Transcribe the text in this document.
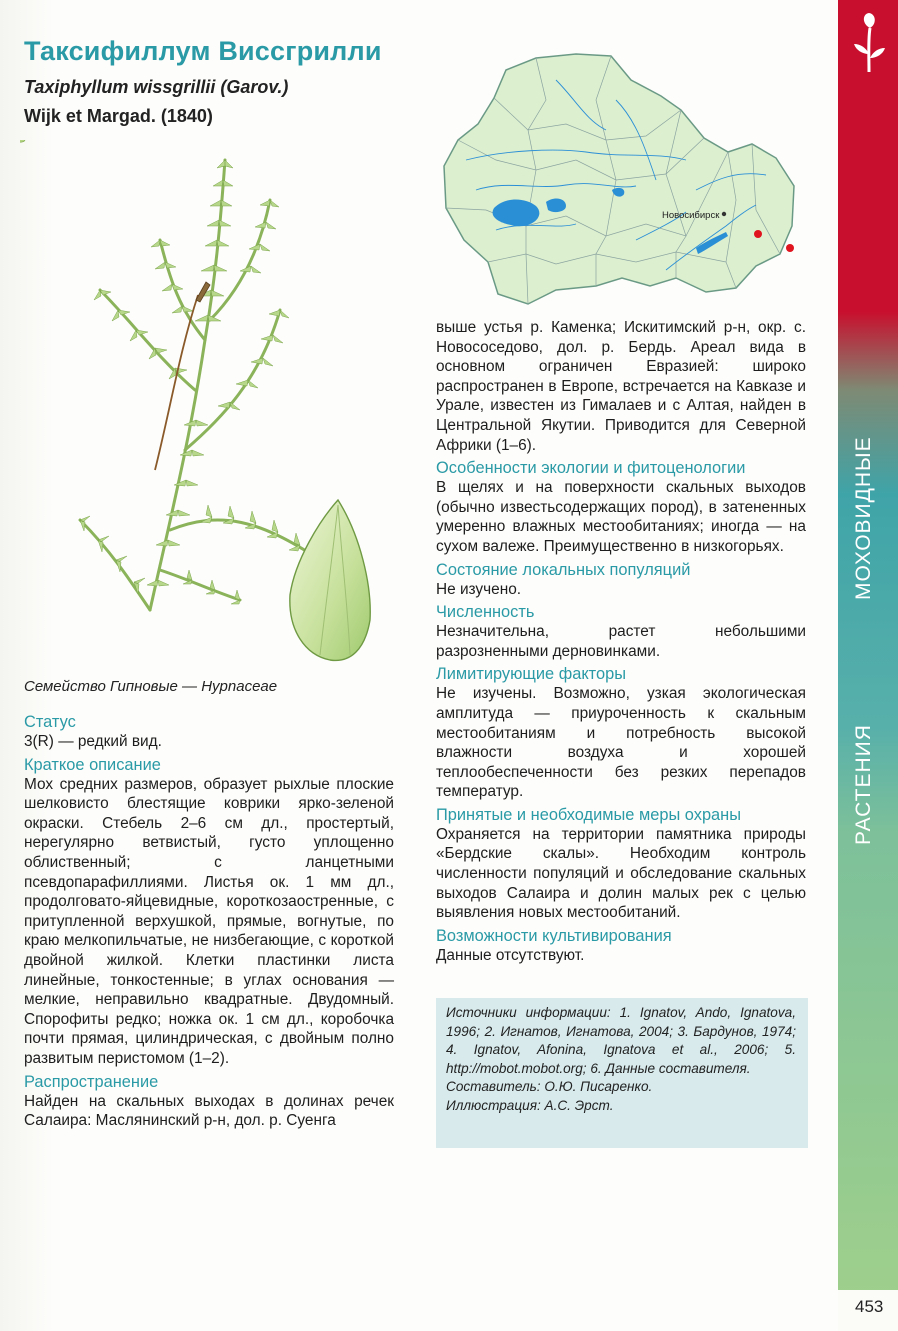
Таксифиллум Виссгрилли
Taxiphyllum wissgrillii (Garov.)
Wijk et Margad. (1840)

Семейство Гипновые — Hypnaceae

Статус

3(R) — редкий вид.

Краткое описание

Мох средних размеров, образует рыхлые плоские шелковисто блестящие коврики ярко-зеленой окраски. Стебель 2–6 см дл., простертый, нерегулярно ветвистый, густо уплощенно облиственный; с ланцетными псевдопарафиллиями. Листья ок. 1 мм дл., продолговато-яйцевидные, короткозаостренные, с притупленной верхушкой, прямые, вогнутые, по краю мелкопильчатые, не низбегающие, с короткой двойной жилкой. Клетки пластинки листа линейные, тонкостенные; в углах основания — мелкие, неправильно квадратные. Двудомный. Спорофиты редко; ножка ок. 1 см дл., коробочка почти прямая, цилиндрическая, с двойным полно развитым перистомом (1–2).

Распространение

Найден на скальных выходах в долинах речек Салаира: Маслянинский р-н, дол. р. Суенга

Новосибирск

выше устья р. Каменка; Искитимский р-н, окр. с. Новососедово, дол. р. Бердь. Ареал вида в основном ограничен Евразией: широко распространен в Европе, встречается на Кавказе и Урале, известен из Гималаев и с Алтая, найден в Центральной Якутии. Приводится для Северной Африки (1–6).

Особенности экологии и фитоценологии

В щелях и на поверхности скальных выходов (обычно известьсодержащих пород), в затененных умеренно влажных местообитаниях; иногда — на сухом валеже. Преимущественно в низкогорьях.

Состояние локальных популяций

Не изучено.

Численность

Незначительна, растет небольшими разрозненными дерновинками.

Лимитирующие факторы

Не изучены. Возможно, узкая экологическая амплитуда — приуроченность к скальным местообитаниям и потребность высокой влажности воздуха и хорошей теплообеспеченности без резких перепадов температур.

Принятые и необходимые меры охраны

Охраняется на территории памятника природы «Бердские скалы». Необходим контроль численности популяций и обследование скальных выходов Салаира и долин малых рек с целью выявления новых местообитаний.

Возможности культивирования

Данные отсутствуют.

Источники информации: 1. Ignatov, Ando, Ignatova, 1996; 2. Игнатов, Игнатова, 2004; 3. Бардунов, 1974; 4. Ignatov, Afonina, Ignatova et al., 2006; 5. http://mobot.mobot.org; 6. Данные составителя.

Составитель: О.Ю. Писаренко.

Иллюстрация: А.С. Эрст.

МОХОВИДНЫЕ
РАСТЕНИЯ
453
